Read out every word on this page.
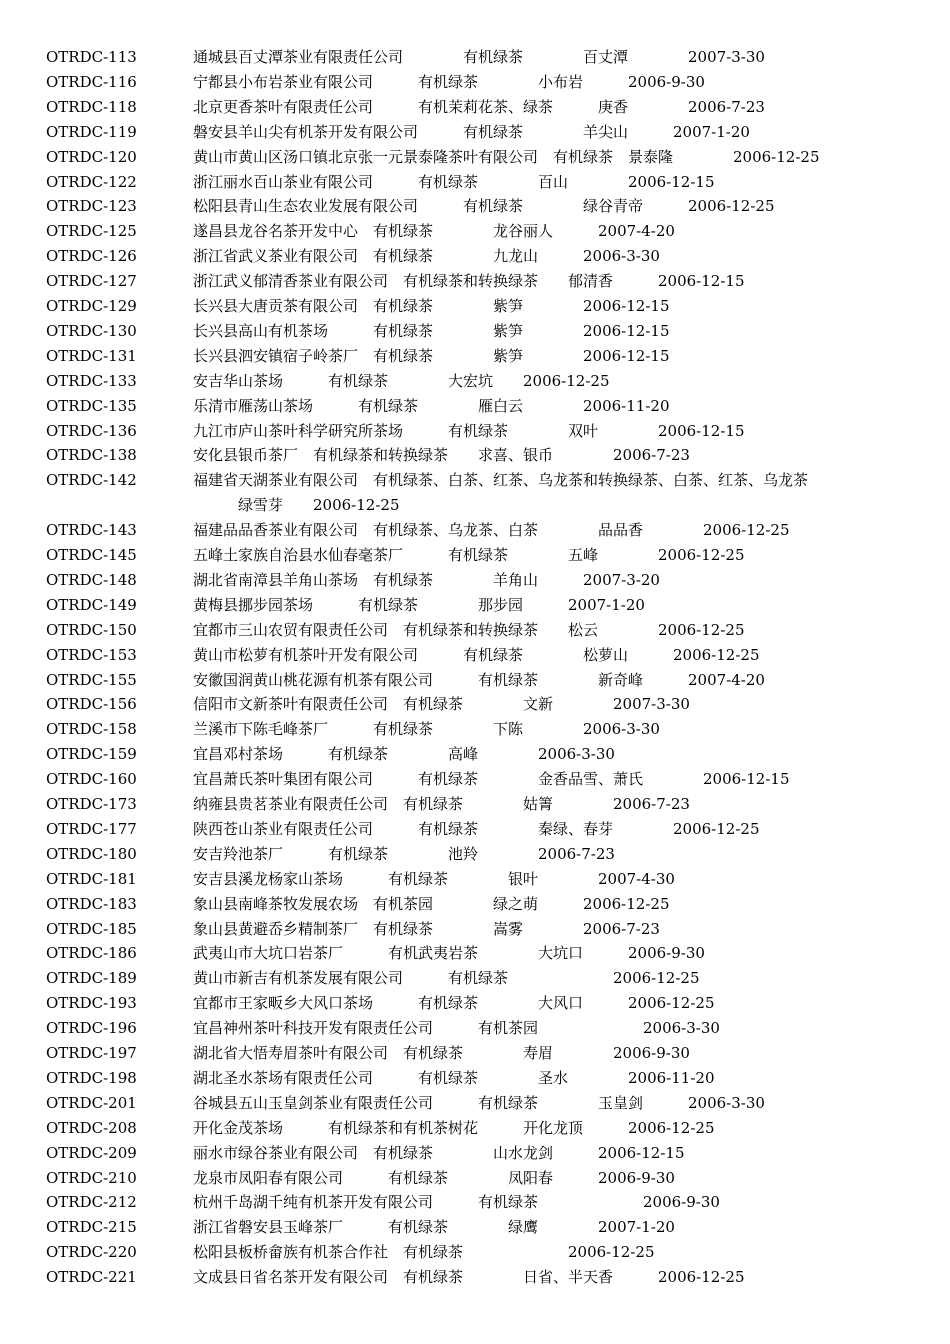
OTRDC-113	通城县百丈潭茶业有限责任公司　　　　有机绿茶　　　　百丈潭　　　　2007-3-30
OTRDC-116	宁都县小布岩茶业有限公司　　　有机绿茶　　　　小布岩　　　2006-9-30
OTRDC-118	北京更香茶叶有限责任公司　　　有机茉莉花茶、绿茶　　　庚香　　　　2006-7-23
OTRDC-119	磐安县羊山尖有机茶开发有限公司　　　有机绿茶　　　　羊尖山　　　2007-1-20
OTRDC-120	黄山市黄山区汤口镇北京张一元景泰隆茶叶有限公司　有机绿茶　景泰隆　　　　2006-12-25
OTRDC-122	浙江丽水百山茶业有限公司　　　有机绿茶　　　　百山　　　　2006-12-15
OTRDC-123	松阳县青山生态农业发展有限公司　　　有机绿茶　　　　绿谷青帝　　　2006-12-25
OTRDC-125	遂昌县龙谷名茶开发中心　有机绿茶　　　　龙谷丽人　　　2007-4-20
OTRDC-126	浙江省武义茶业有限公司　有机绿茶　　　　九龙山　　　2006-3-30
OTRDC-127	浙江武义郁清香茶业有限公司　有机绿茶和转换绿茶　　郁清香　　　2006-12-15
OTRDC-129	长兴县大唐贡茶有限公司　有机绿茶　　　　紫笋　　　　2006-12-15
OTRDC-130	长兴县高山有机茶场　　　有机绿茶　　　　紫笋　　　　2006-12-15
OTRDC-131	长兴县泗安镇宿子岭茶厂　有机绿茶　　　　紫笋　　　　2006-12-15
OTRDC-133	安吉华山茶场　　　有机绿茶　　　　大宏坑　　2006-12-25
OTRDC-135	乐清市雁荡山茶场　　　有机绿茶　　　　雁白云　　　　2006-11-20
OTRDC-136	九江市庐山茶叶科学研究所茶场　　　有机绿茶　　　　双叶　　　　2006-12-15
OTRDC-138	安化县银币茶厂　有机绿茶和转换绿茶　　求喜、银币　　　　2006-7-23
OTRDC-142	福建省天湖茶业有限公司　有机绿茶、白茶、红茶、乌龙茶和转换绿茶、白茶、红茶、乌龙茶
绿雪芽　　2006-12-25
OTRDC-143	福建品品香茶业有限公司　有机绿茶、乌龙茶、白茶　　　　品品香　　　　2006-12-25
OTRDC-145	五峰土家族自治县水仙春毫茶厂　　　有机绿茶　　　　五峰　　　　2006-12-25
OTRDC-148	湖北省南漳县羊角山茶场　有机绿茶　　　　羊角山　　　2007-3-20
OTRDC-149	黄梅县挪步园茶场　　　有机绿茶　　　　那步园　　　2007-1-20
OTRDC-150	宜都市三山农贸有限责任公司　有机绿茶和转换绿茶　　松云　　　　2006-12-25
OTRDC-153	黄山市松萝有机茶叶开发有限公司　　　有机绿茶　　　　松萝山　　　2006-12-25
OTRDC-155	安徽国润黄山桃花源有机茶有限公司　　　有机绿茶　　　　新奇峰　　　2007-4-20
OTRDC-156	信阳市文新茶叶有限责任公司　有机绿茶　　　　文新　　　　2007-3-30
OTRDC-158	兰溪市下陈毛峰茶厂　　　有机绿茶　　　　下陈　　　　2006-3-30
OTRDC-159	宜昌邓村茶场　　　有机绿茶　　　　高峰　　　　2006-3-30
OTRDC-160	宜昌萧氏茶叶集团有限公司　　　有机绿茶　　　　金香品雪、萧氏　　　　2006-12-15
OTRDC-173	纳雍县贵茗茶业有限责任公司　有机绿茶　　　　姑箐　　　　2006-7-23
OTRDC-177	陕西苍山茶业有限责任公司　　　有机绿茶　　　　秦绿、春芽　　　　2006-12-25
OTRDC-180	安吉羚池茶厂　　　有机绿茶　　　　池羚　　　　2006-7-23
OTRDC-181	安吉县溪龙杨家山茶场　　　有机绿茶　　　　银叶　　　　2007-4-30
OTRDC-183	象山县南峰茶牧发展农场　有机茶园　　　　绿之萌　　　2006-12-25
OTRDC-185	象山县黄避岙乡精制茶厂　有机绿茶　　　　嵩雾　　　　2006-7-23
OTRDC-186	武夷山市大坑口岩茶厂　　　有机武夷岩茶　　　　大坑口　　　2006-9-30
OTRDC-189	黄山市新吉有机茶发展有限公司　　　有机绿茶　　　　　　　2006-12-25
OTRDC-193	宜都市王家畈乡大风口茶场　　　有机绿茶　　　　大风口　　　2006-12-25
OTRDC-196	宜昌神州茶叶科技开发有限责任公司　　　有机茶园　　　　　　　2006-3-30
OTRDC-197	湖北省大悟寿眉茶叶有限公司　有机绿茶　　　　寿眉　　　　2006-9-30
OTRDC-198	湖北圣水茶场有限责任公司　　　有机绿茶　　　　圣水　　　　2006-11-20
OTRDC-201	谷城县五山玉皇剑茶业有限责任公司　　　有机绿茶　　　　玉皇剑　　　2006-3-30
OTRDC-208	开化金茂茶场　　　有机绿茶和有机茶树花　　　开化龙顶　　　2006-12-25
OTRDC-209	丽水市绿谷茶业有限公司　有机绿茶　　　　山水龙剑　　　2006-12-15
OTRDC-210	龙泉市凤阳春有限公司　　　有机绿茶　　　　凤阳春　　　2006-9-30
OTRDC-212	杭州千岛湖千纯有机茶开发有限公司　　　有机绿茶　　　　　　　2006-9-30
OTRDC-215	浙江省磐安县玉峰茶厂　　　有机绿茶　　　　绿鹰　　　　2007-1-20
OTRDC-220	松阳县板桥畲族有机茶合作社　有机绿茶　　　　　　　2006-12-25
OTRDC-221	文成县日省名茶开发有限公司　有机绿茶　　　　日省、半天香　　　2006-12-25
